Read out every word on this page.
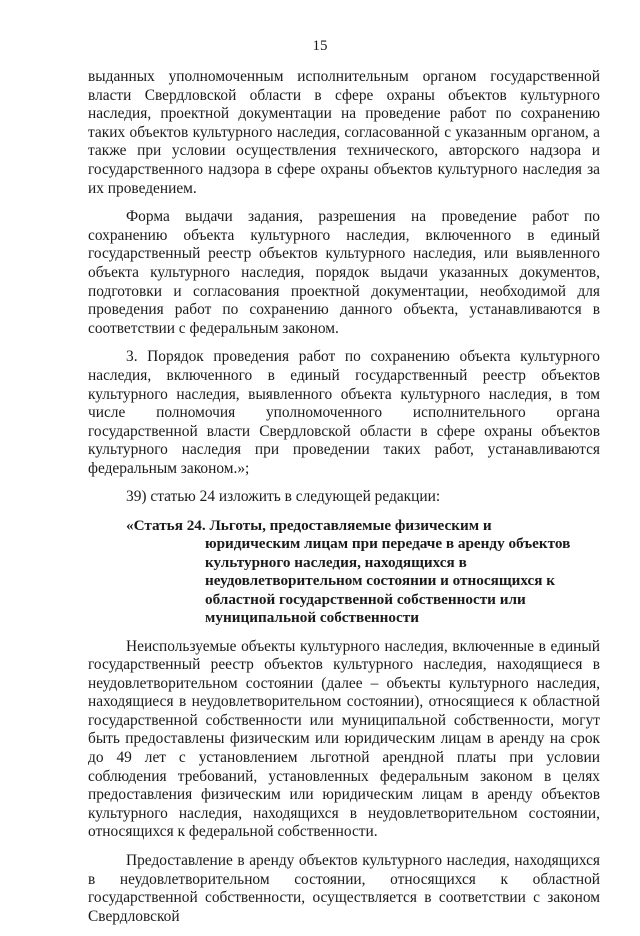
15

выданных уполномоченным исполнительным органом государственной власти Свердловской области в сфере охраны объектов культурного наследия, проектной документации на проведение работ по сохранению таких объектов культурного наследия, согласованной с указанным органом, а также при условии осуществления технического, авторского надзора и государственного надзора в сфере охраны объектов культурного наследия за их проведением.

Форма выдачи задания, разрешения на проведение работ по сохранению объекта культурного наследия, включенного в единый государственный реестр объектов культурного наследия, или выявленного объекта культурного наследия, порядок выдачи указанных документов, подготовки и согласования проектной документации, необходимой для проведения работ по сохранению данного объекта, устанавливаются в соответствии с федеральным законом.

3. Порядок проведения работ по сохранению объекта культурного наследия, включенного в единый государственный реестр объектов культурного наследия, выявленного объекта культурного наследия, в том числе полномочия уполномоченного исполнительного органа государственной власти Свердловской области в сфере охраны объектов культурного наследия при проведении таких работ, устанавливаются федеральным законом.»;

39) статью 24 изложить в следующей редакции:

«Статья 24. Льготы, предоставляемые физическим и
юридическим лицам при передаче в аренду объектов культурного наследия, находящихся в неудовлетворительном состоянии и относящихся к областной государственной собственности или муниципальной собственности

Неиспользуемые объекты культурного наследия, включенные в единый государственный реестр объектов культурного наследия, находящиеся в неудовлетворительном состоянии (далее – объекты культурного наследия, находящиеся в неудовлетворительном состоянии), относящиеся к областной государственной собственности или муниципальной собственности, могут быть предоставлены физическим или юридическим лицам в аренду на срок до 49 лет с установлением льготной арендной платы при условии соблюдения требований, установленных федеральным законом в целях предоставления физическим или юридическим лицам в аренду объектов культурного наследия, находящихся в неудовлетворительном состоянии, относящихся к федеральной собственности.

Предоставление в аренду объектов культурного наследия, находящихся в неудовлетворительном состоянии, относящихся к областной государственной собственности, осуществляется в соответствии с законом Свердловской
